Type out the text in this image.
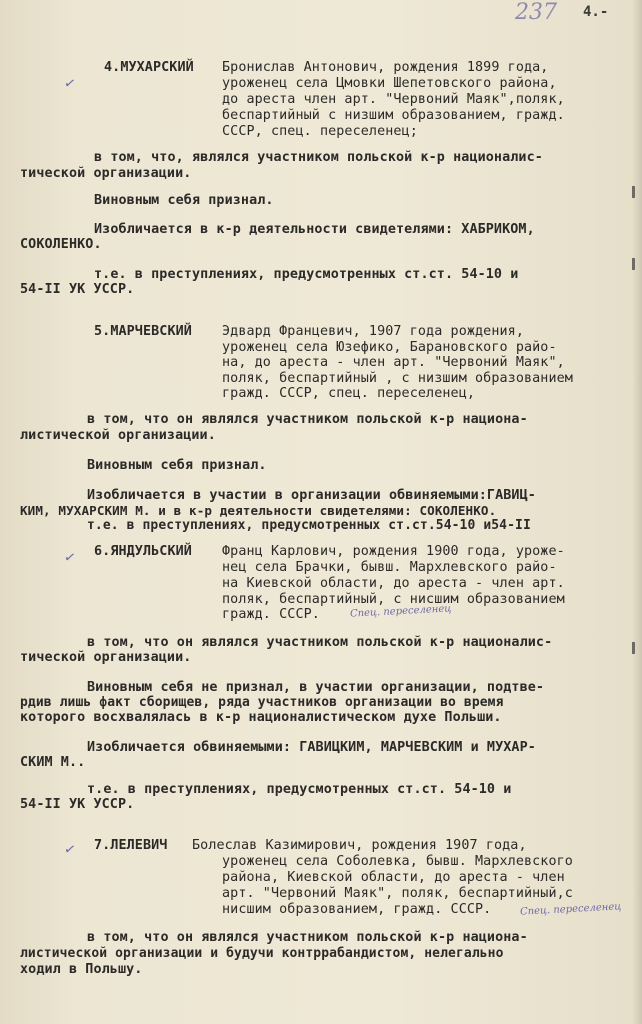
237 4.-
✓
4.МУХАРСКИЙ Бронислав Антонович, рождения 1899 года,
уроженец села Цмовки Шепетовского района,
до ареста член арт. "Червоний Маяк",поляк,
беспартийный с низшим образованием, гражд.
СССР, спец. переселенец;
в том, что, являлся участником польской к-р националис-
тической организации.
Виновным себя признал.
Изобличается в к-р деятельности свидетелями: ХАБРИКОМ,
СОКОЛЕНКО.
т.е. в преступлениях, предусмотренных ст.ст. 54-10 и
54-II УК УССР.
5.МАРЧЕВСКИЙ Эдвард Францевич, 1907 года рождения,
уроженец села Юзефико, Барановского райо-
на, до ареста - член арт. "Червоний Маяк",
поляк, беспартийный , с низшим образованием
гражд. СССР, спец. переселенец,
в том, что он являлся участником польской к-р национа-
листической организации.
Виновным себя признал.
Изобличается в участии в организации обвиняемыми:ГАВИЦ-
КИМ, МУХАРСКИМ М. и в к-р деятельности свидетелями: СОКОЛЕНКО.
т.е. в преступлениях, предусмотренных ст.ст.54-10 и54-II
✓ 6.ЯНДУЛЬСКИЙ Франц Карлович, рождения 1900 года, уроже-
нец села Брачки, бывш. Мархлевского райо-
на Киевской области, до ареста - член арт.
поляк, беспартийный, с нисшим образованием
гражд. СССР.	Спец. переселенец
в том, что он являлся участником польской к-р националис-
тической организации.
Виновным себя не признал, в участии организации, подтве-
рдив лишь факт сборищев, ряда участников организации во время
которого восхвалялась в к-р националистическом духе Польши.
Изобличается обвиняемыми: ГАВИЦКИМ, МАРЧЕВСКИМ и МУХАР-
СКИМ М..
т.е. в преступлениях, предусмотренных ст.ст. 54-10 и
54-II УК УССР.
✓ 7.ЛЕЛЕВИЧ Болеслав Казимирович, рождения 1907 года,
уроженец села Соболевка, бывш. Мархлевского
района, Киевской области, до ареста - член
арт. "Червоний Маяк", поляк, беспартийный,с
нисшим образованием, гражд. СССР.	Спец. переселенец
в том, что он являлся участником польской к-р национа-
листической организации и будучи контррабандистом, нелегально
ходил в Польшу.
